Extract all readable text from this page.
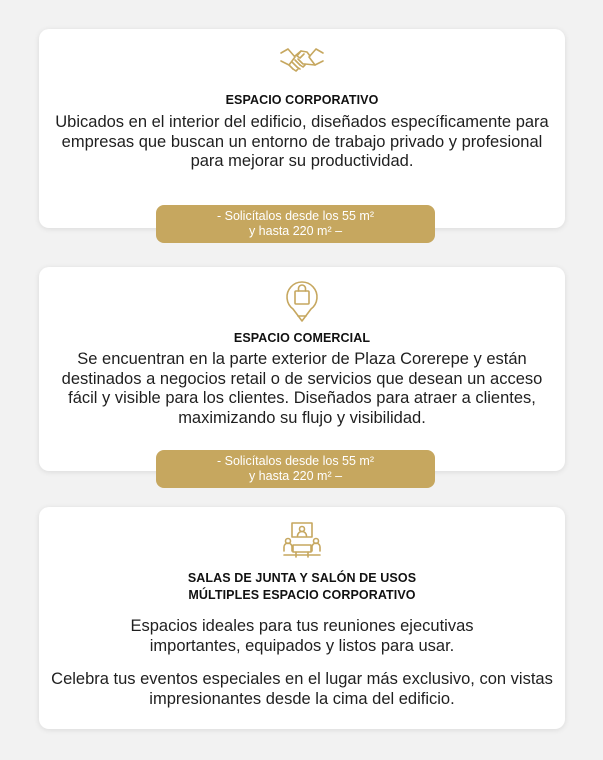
ESPACIO CORPORATIVO
Ubicados en el interior del edificio, diseñados específicamente para empresas que buscan un entorno de trabajo privado y profesional para mejorar su productividad.
- Solicítalos desde los 55 m²
y hasta 220 m² –
ESPACIO COMERCIAL
Se encuentran en la parte exterior de Plaza Corerepe y están destinados a negocios retail o de servicios que desean un acceso fácil y visible para los clientes. Diseñados para atraer a clientes, maximizando su flujo y visibilidad.
- Solicítalos desde los 55 m²
y hasta 220 m² –
SALAS DE JUNTA Y SALÓN DE USOS
MÚLTIPLES ESPACIO CORPORATIVO
Espacios ideales para tus reuniones ejecutivas importantes, equipados y listos para usar.
Celebra tus eventos especiales en el lugar más exclusivo, con vistas impresionantes desde la cima del edificio.
